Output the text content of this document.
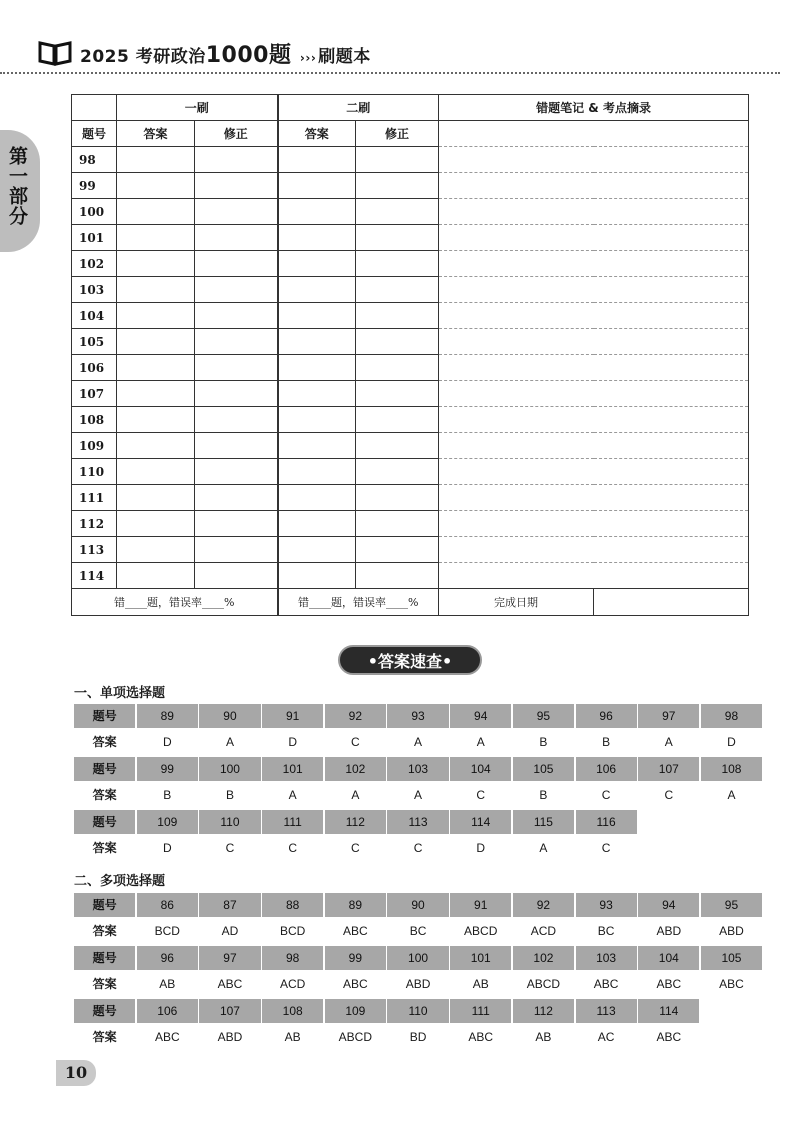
2025 考研政治1000题 ››› 刷题本
第一部分
	一刷		二刷		错题笔记 & 考点摘录	
题号	答案	修正	答案	修正		
98						
99						
100						
101						
102						
103						
104						
105						
106						
107						
108						
109						
110						
111						
112						
113						
114						
错____题，错误率____%			错____题，错误率____%		完成日期	
•答案速查•
一、单项选择题
题号	89	90	91	92	93	94	95	96	97	98
答案	D	A	D	C	A	A	B	B	A	D
题号	99	100	101	102	103	104	105	106	107	108
答案	B	B	A	A	A	C	B	C	C	A
题号	109	110	111	112	113	114	115	116
答案	D	C	C	C	C	D	A	C
二、多项选择题
题号	86	87	88	89	90	91	92	93	94	95
答案	BCD	AD	BCD	ABC	BC	ABCD	ACD	BC	ABD	ABD
题号	96	97	98	99	100	101	102	103	104	105
答案	AB	ABC	ACD	ABC	ABD	AB	ABCD	ABC	ABC	ABC
题号	106	107	108	109	110	111	112	113	114
答案	ABC	ABD	AB	ABCD	BD	ABC	AB	AC	ABC
10
